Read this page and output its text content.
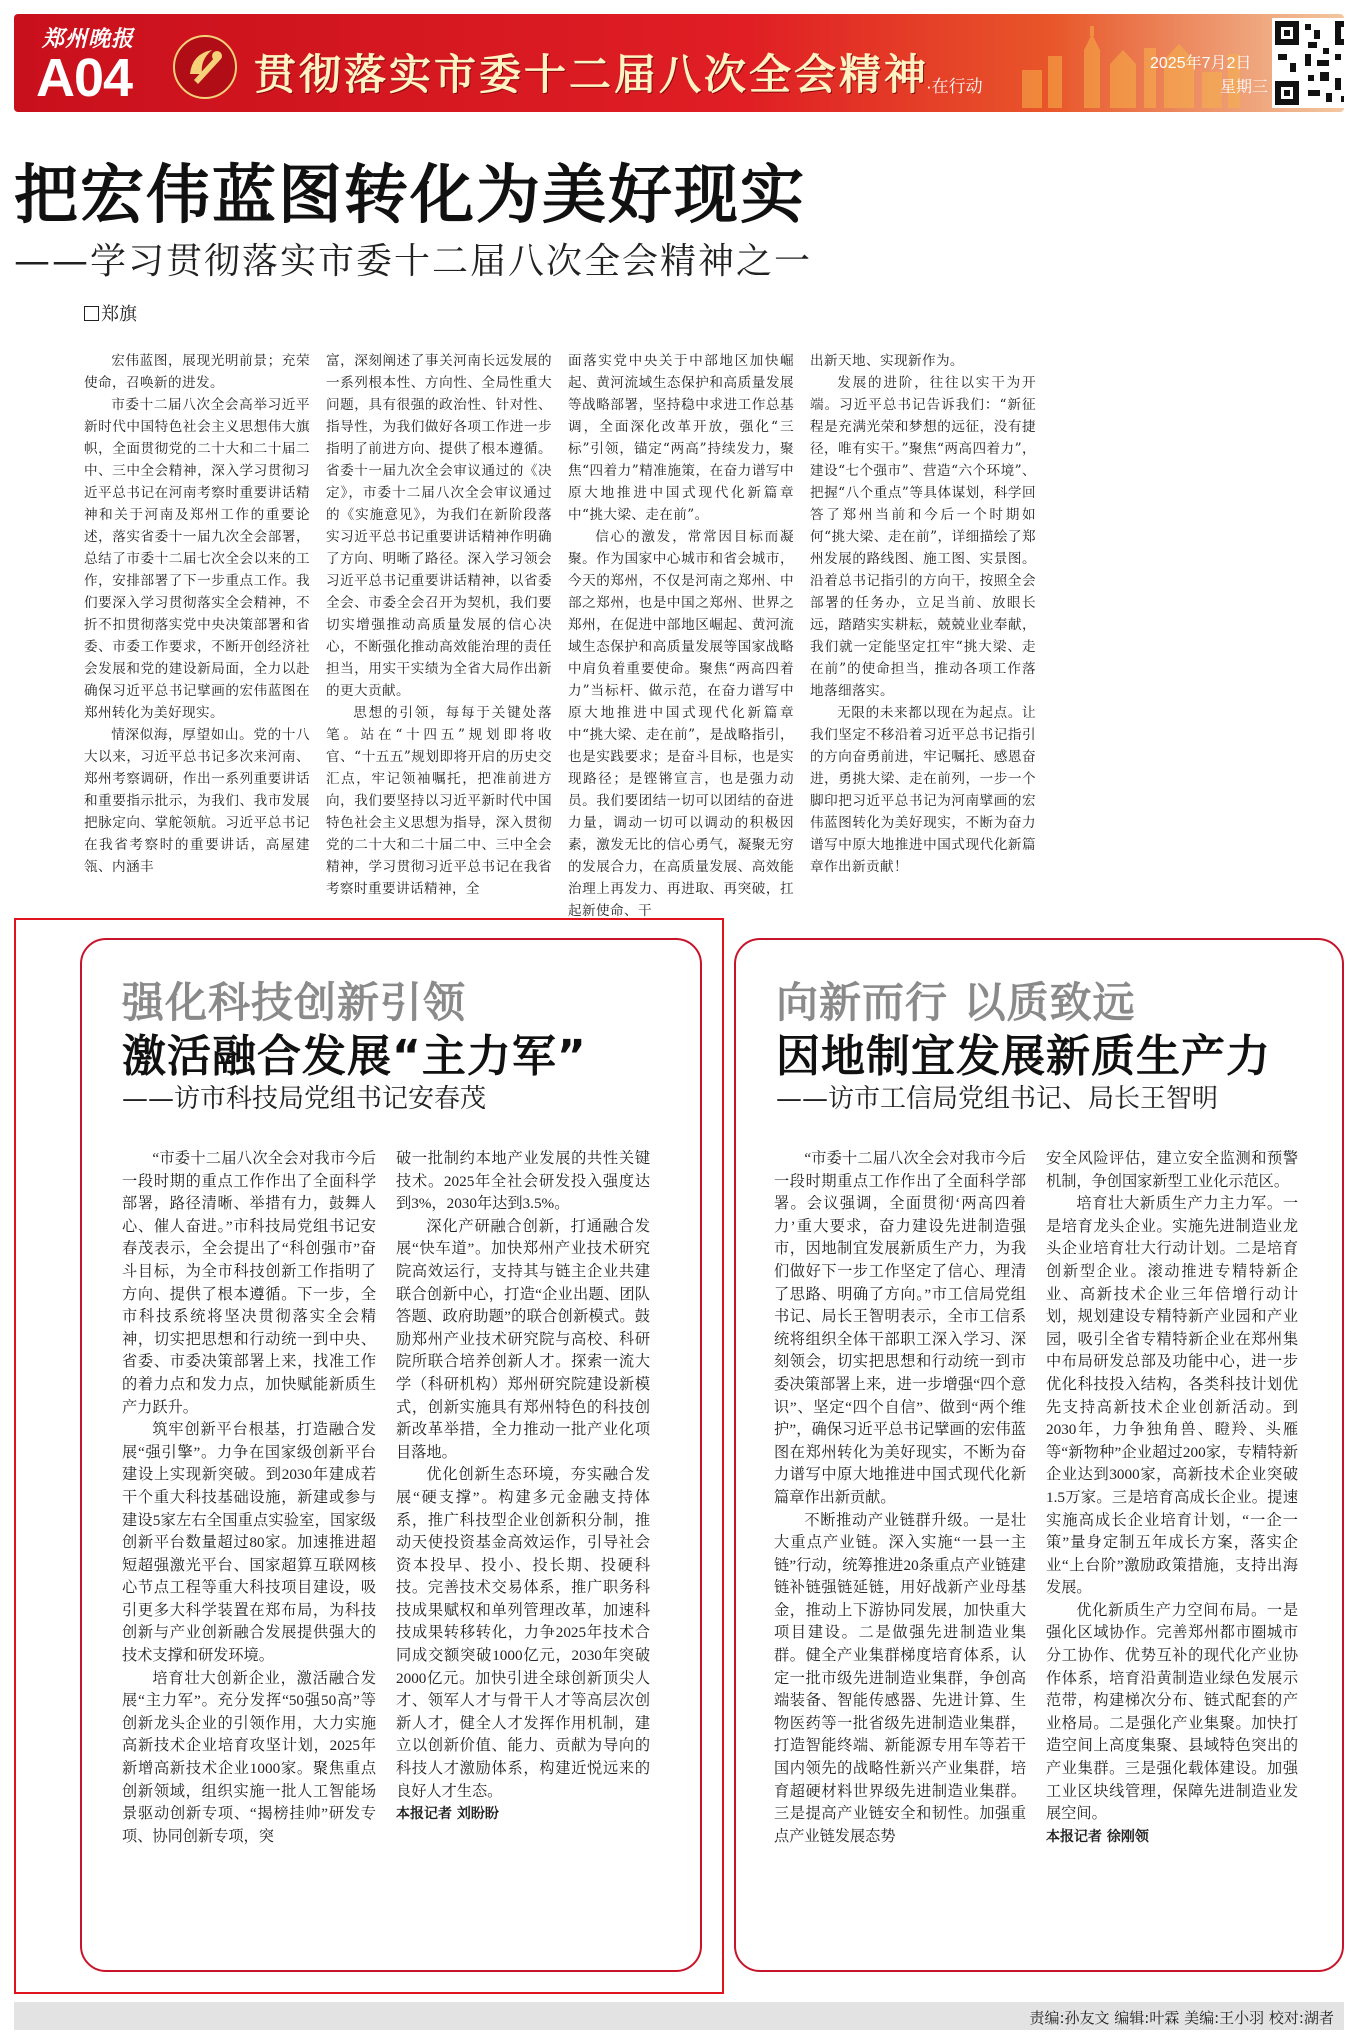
郑州晚报
A04	贯彻落实市委十二届八次全会精神
·在行动
2025年7月2日
星期三
把宏伟蓝图转化为美好现实
——学习贯彻落实市委十二届八次全会精神之一
郑旗

宏伟蓝图，展现光明前景；充荣使命，召唤新的进发。

市委十二届八次全会高举习近平新时代中国特色社会主义思想伟大旗帜，全面贯彻党的二十大和二十届二中、三中全会精神，深入学习贯彻习近平总书记在河南考察时重要讲话精神和关于河南及郑州工作的重要论述，落实省委十一届九次全会部署，总结了市委十二届七次全会以来的工作，安排部署了下一步重点工作。我们要深入学习贯彻落实全会精神，不折不扣贯彻落实党中央决策部署和省委、市委工作要求，不断开创经济社会发展和党的建设新局面，全力以赴确保习近平总书记擘画的宏伟蓝图在郑州转化为美好现实。

情深似海，厚望如山。党的十八大以来，习近平总书记多次来河南、郑州考察调研，作出一系列重要讲话和重要指示批示，为我们、我市发展把脉定向、掌舵领航。习近平总书记在我省考察时的重要讲话，高屋建瓴、内涵丰

富，深刻阐述了事关河南长远发展的一系列根本性、方向性、全局性重大问题，具有很强的政治性、针对性、指导性，为我们做好各项工作进一步指明了前进方向、提供了根本遵循。省委十一届九次全会审议通过的《决定》，市委十二届八次全会审议通过的《实施意见》，为我们在新阶段落实习近平总书记重要讲话精神作明确了方向、明晰了路径。深入学习领会习近平总书记重要讲话精神，以省委全会、市委全会召开为契机，我们要切实增强推动高质量发展的信心决心，不断强化推动高效能治理的责任担当，用实干实绩为全省大局作出新的更大贡献。

思想的引领，每每于关键处落笔。站在“十四五”规划即将收官、“十五五”规划即将开启的历史交汇点，牢记领袖嘱托，把准前进方向，我们要坚持以习近平新时代中国特色社会主义思想为指导，深入贯彻党的二十大和二十届二中、三中全会精神，学习贯彻习近平总书记在我省考察时重要讲话精神，全

面落实党中央关于中部地区加快崛起、黄河流域生态保护和高质量发展等战略部署，坚持稳中求进工作总基调，全面深化改革开放，强化“三标”引领，锚定“两高”持续发力，聚焦“四着力”精准施策，在奋力谱写中原大地推进中国式现代化新篇章中“挑大梁、走在前”。

信心的激发，常常因目标而凝聚。作为国家中心城市和省会城市，今天的郑州，不仅是河南之郑州、中部之郑州，也是中国之郑州、世界之郑州，在促进中部地区崛起、黄河流域生态保护和高质量发展等国家战略中肩负着重要使命。聚焦“两高四着力”当标杆、做示范，在奋力谱写中原大地推进中国式现代化新篇章中“挑大梁、走在前”，是战略指引，也是实践要求；是奋斗目标，也是实现路径；是铿锵宣言，也是强力动员。我们要团结一切可以团结的奋进力量，调动一切可以调动的积极因素，激发无比的信心勇气，凝聚无穷的发展合力，在高质量发展、高效能治理上再发力、再进取、再突破，扛起新使命、干

出新天地、实现新作为。

发展的进阶，往往以实干为开端。习近平总书记告诉我们：“新征程是充满光荣和梦想的远征，没有捷径，唯有实干。”聚焦“两高四着力”，建设“七个强市”、营造“六个环境”、把握“八个重点”等具体谋划，科学回答了郑州当前和今后一个时期如何“挑大梁、走在前”，详细描绘了郑州发展的路线图、施工图、实景图。沿着总书记指引的方向干，按照全会部署的任务办，立足当前、放眼长远，踏踏实实耕耘，兢兢业业奉献，我们就一定能坚定扛牢“挑大梁、走在前”的使命担当，推动各项工作落地落细落实。

无限的未来都以现在为起点。让我们坚定不移沿着习近平总书记指引的方向奋勇前进，牢记嘱托、感恩奋进，勇挑大梁、走在前列，一步一个脚印把习近平总书记为河南擘画的宏伟蓝图转化为美好现实，不断为奋力谱写中原大地推进中国式现代化新篇章作出新贡献！

强化科技创新引领
激活融合发展“主力军”
——访市科技局党组书记安春茂

“市委十二届八次全会对我市今后一段时期的重点工作作出了全面科学部署，路径清晰、举措有力，鼓舞人心、催人奋进。”市科技局党组书记安春茂表示，全会提出了“科创强市”奋斗目标，为全市科技创新工作指明了方向、提供了根本遵循。下一步，全市科技系统将坚决贯彻落实全会精神，切实把思想和行动统一到中央、省委、市委决策部署上来，找准工作的着力点和发力点，加快赋能新质生产力跃升。

筑牢创新平台根基，打造融合发展“强引擎”。力争在国家级创新平台建设上实现新突破。到2030年建成若干个重大科技基础设施，新建或参与建设5家左右全国重点实验室，国家级创新平台数量超过80家。加速推进超短超强激光平台、国家超算互联网核心节点工程等重大科技项目建设，吸引更多大科学装置在郑布局，为科技创新与产业创新融合发展提供强大的技术支撑和研发环境。

培育壮大创新企业，激活融合发展“主力军”。充分发挥“50强50高”等创新龙头企业的引领作用，大力实施高新技术企业培育攻坚计划，2025年新增高新技术企业1000家。聚焦重点创新领域，组织实施一批人工智能场景驱动创新专项、“揭榜挂帅”研发专项、协同创新专项，突

破一批制约本地产业发展的共性关键技术。2025年全社会研发投入强度达到3%，2030年达到3.5%。

深化产研融合创新，打通融合发展“快车道”。加快郑州产业技术研究院高效运行，支持其与链主企业共建联合创新中心，打造“企业出题、团队答题、政府助题”的联合创新模式。鼓励郑州产业技术研究院与高校、科研院所联合培养创新人才。探索一流大学（科研机构）郑州研究院建设新模式，创新实施具有郑州特色的科技创新改革举措，全力推动一批产业化项目落地。

优化创新生态环境，夯实融合发展“硬支撑”。构建多元金融支持体系，推广科技型企业创新积分制，推动天使投资基金高效运作，引导社会资本投早、投小、投长期、投硬科技。完善技术交易体系，推广职务科技成果赋权和单列管理改革，加速科技成果转移转化，力争2025年技术合同成交额突破1000亿元，2030年突破2000亿元。加快引进全球创新顶尖人才、领军人才与骨干人才等高层次创新人才，健全人才发挥作用机制，建立以创新价值、能力、贡献为导向的科技人才激励体系，构建近悦远来的良好人才生态。

本报记者 刘盼盼

向新而行 以质致远
因地制宜发展新质生产力
——访市工信局党组书记、局长王智明

“市委十二届八次全会对我市今后一段时期重点工作作出了全面科学部署。会议强调，全面贯彻‘两高四着力’重大要求，奋力建设先进制造强市，因地制宜发展新质生产力，为我们做好下一步工作坚定了信心、理清了思路、明确了方向。”市工信局党组书记、局长王智明表示，全市工信系统将组织全体干部职工深入学习、深刻领会，切实把思想和行动统一到市委决策部署上来，进一步增强“四个意识”、坚定“四个自信”、做到“两个维护”，确保习近平总书记擘画的宏伟蓝图在郑州转化为美好现实，不断为奋力谱写中原大地推进中国式现代化新篇章作出新贡献。

不断推动产业链群升级。一是壮大重点产业链。深入实施“一县一主链”行动，统筹推进20条重点产业链建链补链强链延链，用好战新产业母基金，推动上下游协同发展，加快重大项目建设。二是做强先进制造业集群。健全产业集群梯度培育体系，认定一批市级先进制造业集群，争创高端装备、智能传感器、先进计算、生物医药等一批省级先进制造业集群，打造智能终端、新能源专用车等若干国内领先的战略性新兴产业集群，培育超硬材料世界级先进制造业集群。三是提高产业链安全和韧性。加强重点产业链发展态势

安全风险评估，建立安全监测和预警机制，争创国家新型工业化示范区。

培育壮大新质生产力主力军。一是培育龙头企业。实施先进制造业龙头企业培育壮大行动计划。二是培育创新型企业。滚动推进专精特新企业、高新技术企业三年倍增行动计划，规划建设专精特新产业园和产业园，吸引全省专精特新企业在郑州集中布局研发总部及功能中心，进一步优化科技投入结构，各类科技计划优先支持高新技术企业创新活动。到2030年，力争独角兽、瞪羚、头雁等“新物种”企业超过200家，专精特新企业达到3000家，高新技术企业突破1.5万家。三是培育高成长企业。提速实施高成长企业培育计划，“一企一策”量身定制五年成长方案，落实企业“上台阶”激励政策措施，支持出海发展。

优化新质生产力空间布局。一是强化区域协作。完善郑州都市圈城市分工协作、优势互补的现代化产业协作体系，培育沿黄制造业绿色发展示范带，构建梯次分布、链式配套的产业格局。二是强化产业集聚。加快打造空间上高度集聚、县域特色突出的产业集群。三是强化载体建设。加强工业区块线管理，保障先进制造业发展空间。

本报记者 徐刚领

责编:孙友文 编辑:叶霖 美编:王小羽 校对:湖者
